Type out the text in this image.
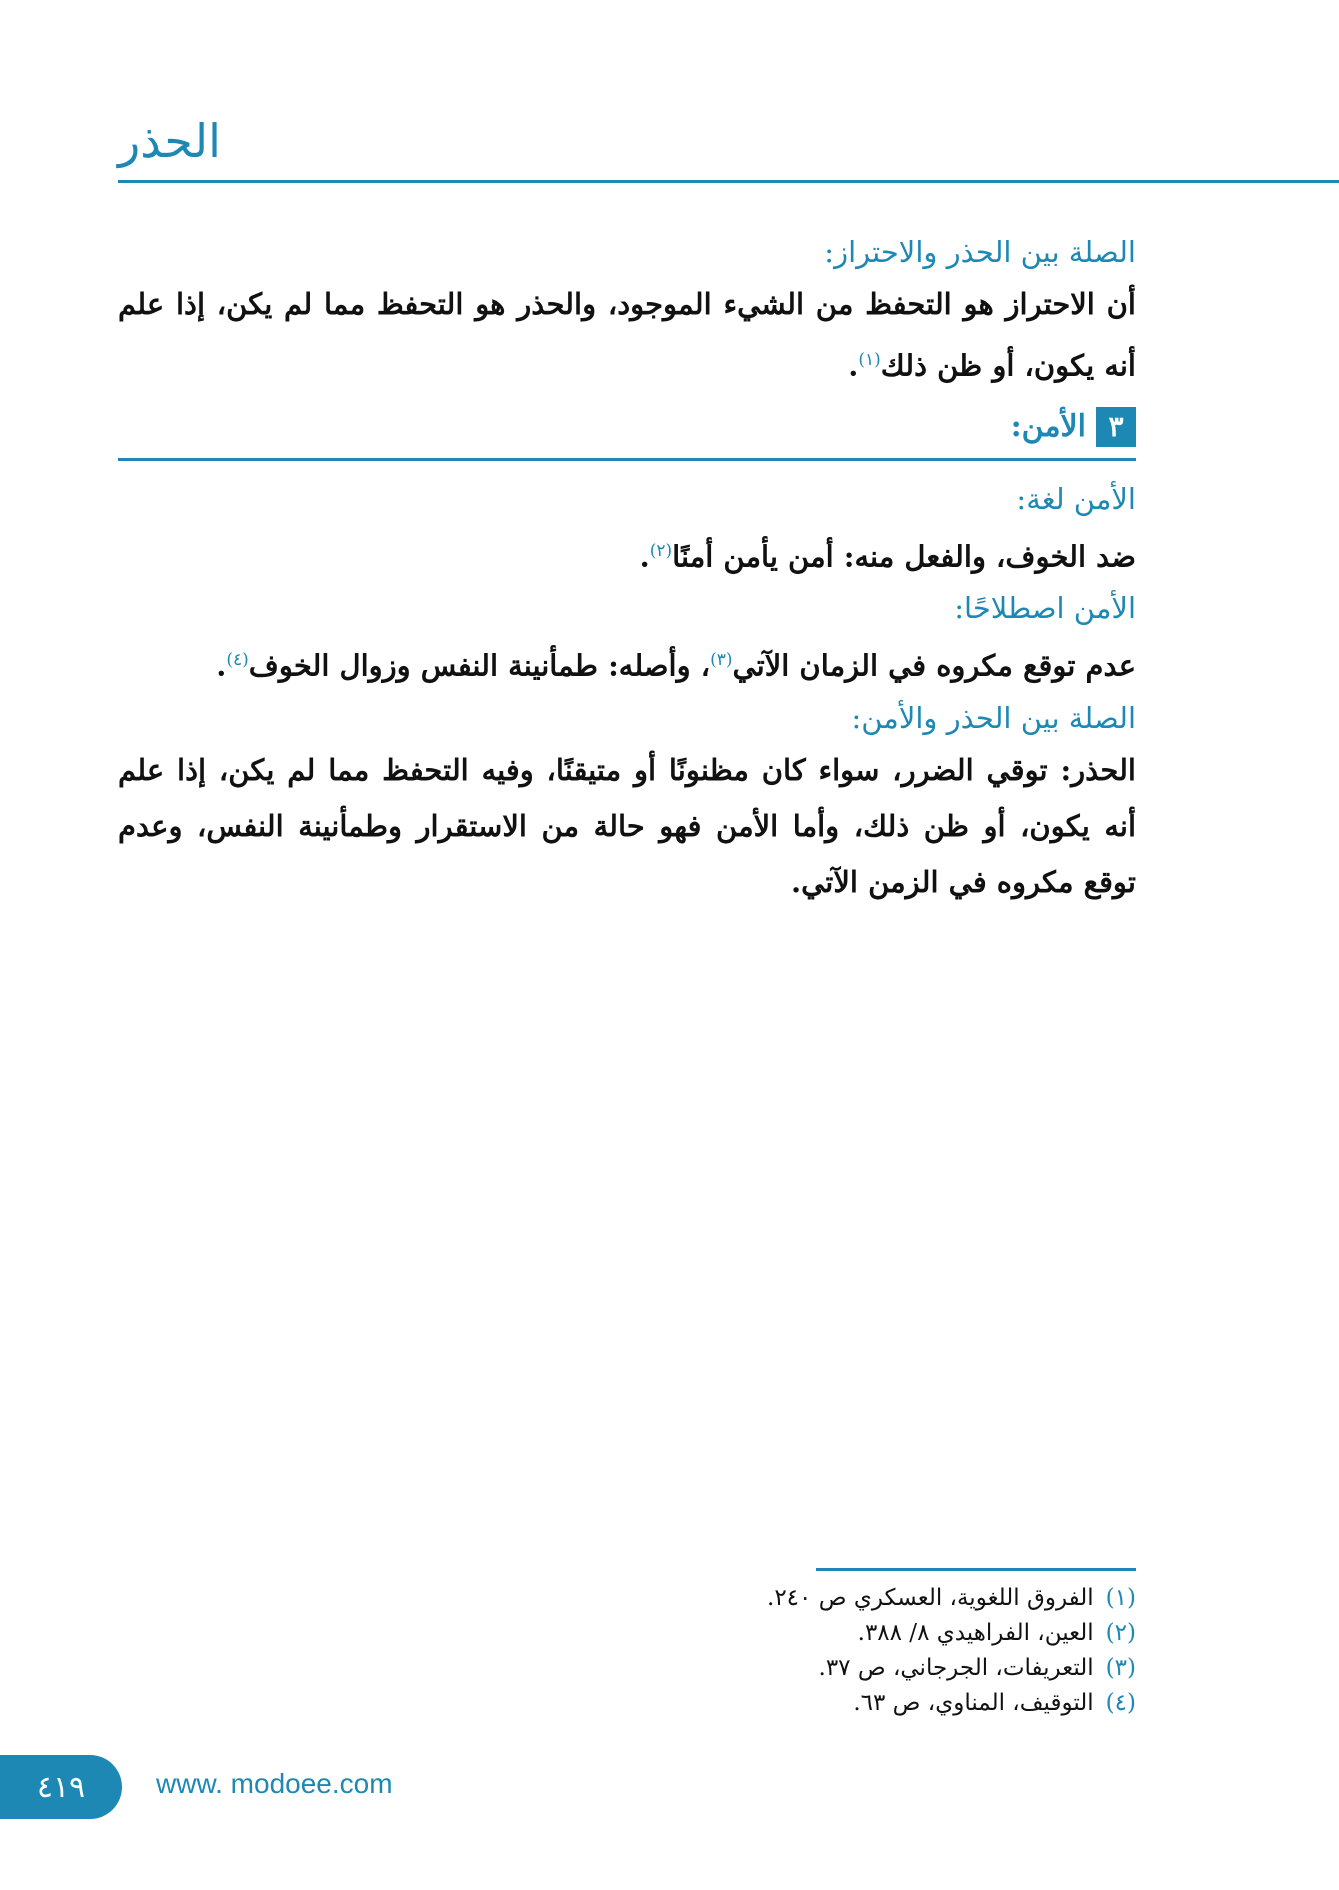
الحذر

الصلة بين الحذر والاحتراز:

أن الاحتراز هو التحفظ من الشيء الموجود، والحذر هو التحفظ مما لم يكن، إذا علم أنه يكون، أو ظن ذلك$^{(١)}$.

٣
الأمن:

الأمن لغة:

ضد الخوف، والفعل منه: أمن يأمن أمنًا$^{(٢)}$.

الأمن اصطلاحًا:

عدم توقع مكروه في الزمان الآتي$^{(٣)}$، وأصله: طمأنينة النفس وزوال الخوف$^{(٤)}$.

الصلة بين الحذر والأمن:

الحذر: توقي الضرر، سواء كان مظنونًا أو متيقنًا، وفيه التحفظ مما لم يكن، إذا علم أنه يكون، أو ظن ذلك، وأما الأمن فهو حالة من الاستقرار وطمأنينة النفس، وعدم توقع مكروه في الزمن الآتي.

(١)
الفروق اللغوية، العسكري ص ٢٤٠.
(٢)
العين، الفراهيدي ٨/ ٣٨٨.
(٣)
التعريفات، الجرجاني، ص ٣٧.
(٤)
التوقيف، المناوي، ص ٦٣.
٤١٩	www. modoee.com
